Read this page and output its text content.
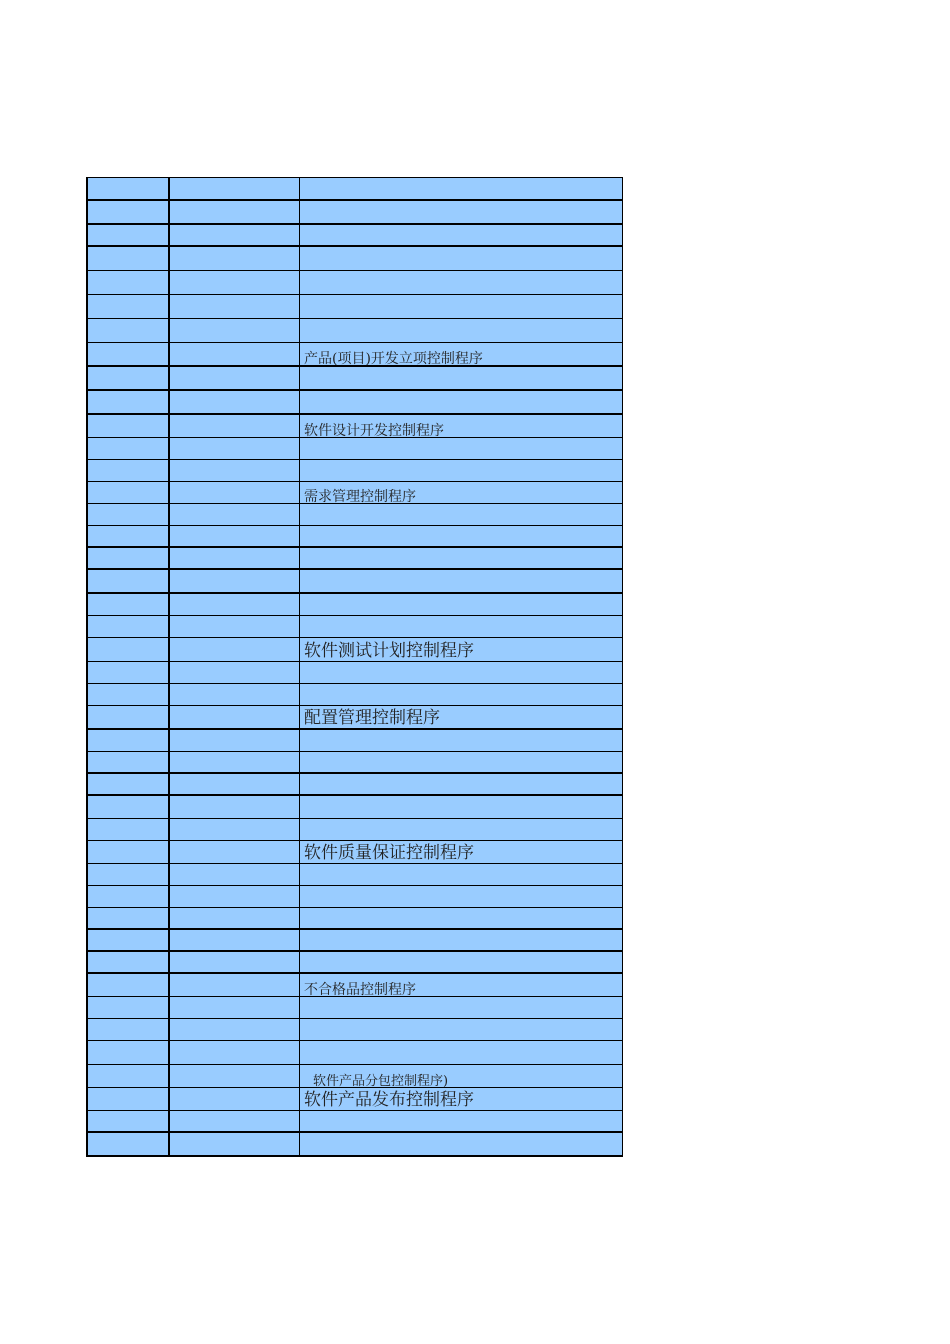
产品(项目)开发立项控制程序
软件设计开发控制程序
需求管理控制程序
软件测试计划控制程序
配置管理控制程序
软件质量保证控制程序
不合格品控制程序
软件产品分包控制程序)
软件产品发布控制程序
